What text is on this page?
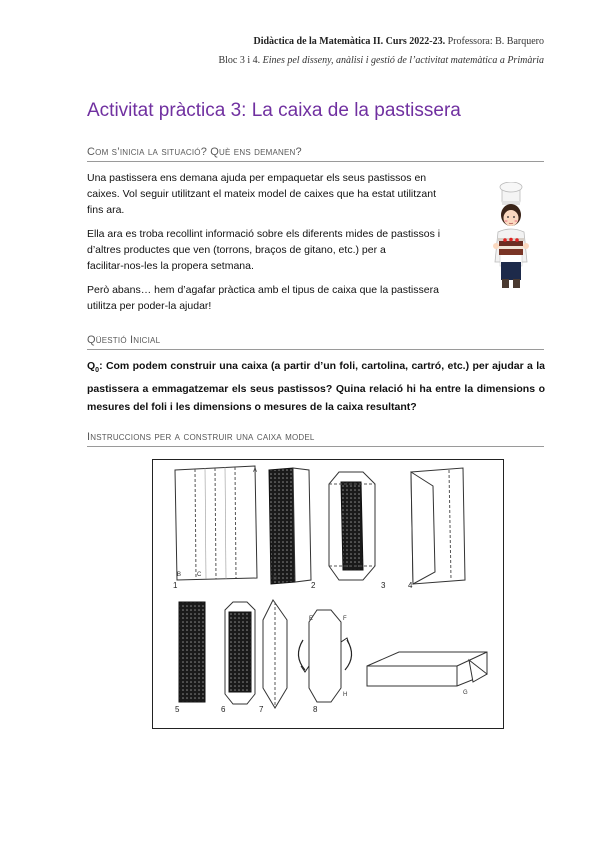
Didàctica de la Matemàtica II. Curs 2022-23. Professora: B. Barquero
Bloc 3 i 4. Eines pel disseny, anàlisi i gestió de l’activitat matemàtica a Primària
Activitat pràctica 3: La caixa de la pastissera
Com s’inicia la situació? Què ens demanen?

Una pastissera ens demana ajuda per empaquetar els seus pastissos en
caixes. Vol seguir utilitzant el mateix model de caixes que ha estat utilitzant
fins ara.

Ella ara es troba recollint informació sobre els diferents mides de pastissos i
d’altres productes que ven (torrons, braços de gitano, etc.) per a
facilitar-nos-les la propera setmana.

Però abans… hem d’agafar pràctica amb el tipus de caixa que la pastissera
utilitza per poder-la ajudar!

Qüestió Inicial

$Q_0$: Com podem construir una caixa (a partir d’un foli, cartolina, cartró, etc.) per ajudar a la pastissera a emmagatzemar els seus pastissos? Quina relació hi ha entre la dimensions o mesures del foli i les dimensions o mesures de la caixa resultant?

Instruccions per a construir una caixa model
1	2	3	4
5	6	7	8
A
B	C
D
E	F
G
H
